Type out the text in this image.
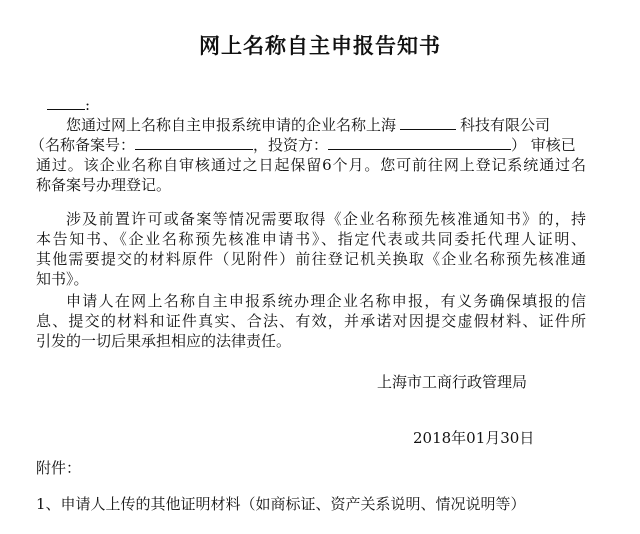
网上名称自主申报告知书
:
您通过网上名称自主申报系统申请的企业名称上海	科技有限公司
（名称备案号：	，投资方：	） 审核已
通过。该企业名称自审核通过之日起保留6个月。您可前往网上登记系统通过名
称备案号办理登记。
涉及前置许可或备案等情况需要取得《企业名称预先核准通知书》的，持
本告知书、《企业名称预先核准申请书》、指定代表或共同委托代理人证明、
其他需要提交的材料原件（见附件）前往登记机关换取《企业名称预先核准通
知书》。
申请人在网上名称自主申报系统办理企业名称申报，有义务确保填报的信
息、提交的材料和证件真实、合法、有效，并承诺对因提交虚假材料、证件所
引发的一切后果承担相应的法律责任。
上海市工商行政管理局
2018年01月30日
附件：
1、申请人上传的其他证明材料（如商标证、资产关系说明、情况说明等）
